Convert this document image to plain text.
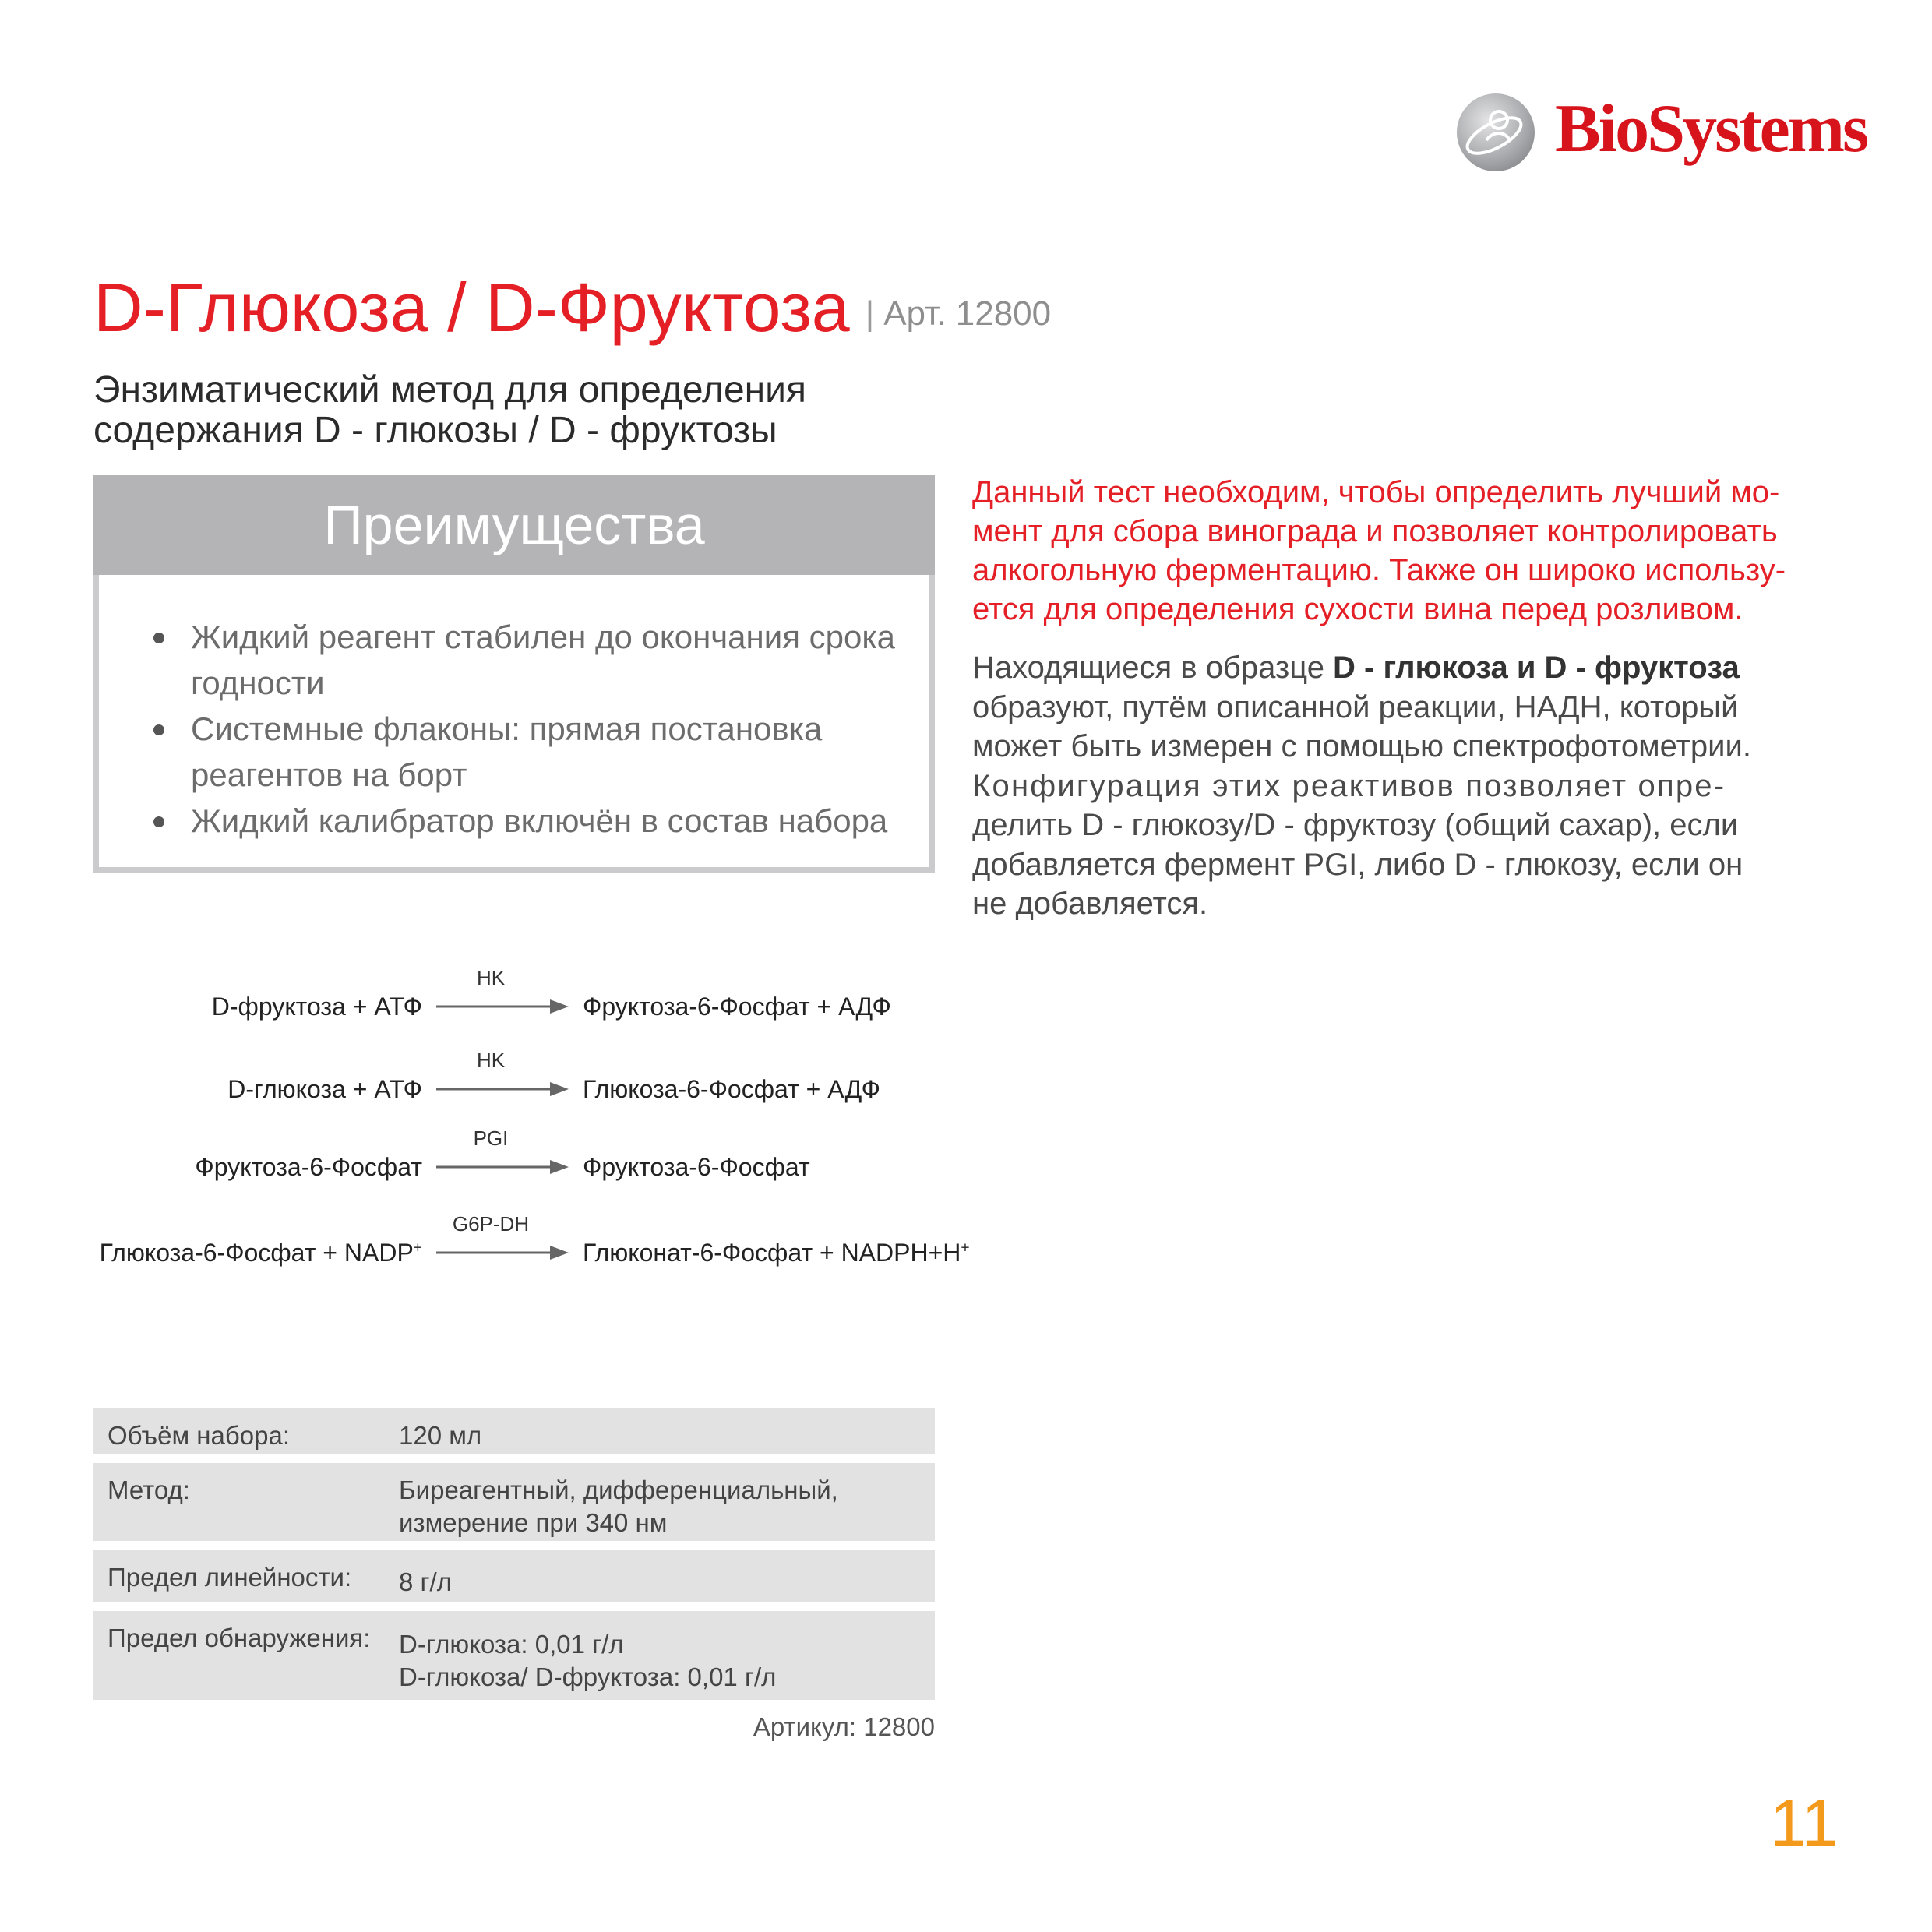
BioSystems
D-Глюкоза / D-Фруктоза | Арт. 12800
Энзиматический метод для определения
содержания D - глюкозы / D - фруктозы
Преимущества
Жидкий реагент стабилен до окончания срока
годности
Системные флаконы: прямая постановка
реагентов на борт
Жидкий калибратор включён в состав набора
Данный тест необходим, чтобы определить лучший мо-
мент для сбора винограда и позволяет контролировать
алкогольную ферментацию. Также он широко использу-
ется для определения сухости вина перед розливом.
Находящиеся в образце D - глюкоза и D - фруктоза
образуют, путём описанной реакции, НАДН, который
может быть измерен с помощью спектрофотометрии.
Конфигурация этих реактивов позволяет опре-
делить D - глюкозу/D - фруктозу (общий сахар), если
добавляется фермент PGI, либо D - глюкозу, если он
не добавляется.
D-фруктоза + АТФ
HK
Фруктоза-6-Фосфат + АДФ
D-глюкоза + АТФ
HK
Глюкоза-6-Фосфат + АДФ
Фруктоза-6-Фосфат
PGI
Фруктоза-6-Фосфат
Глюкоза-6-Фосфат + NADP+
G6P-DH
Глюконат-6-Фосфат + NADPH+H+
Объём набора:	120 мл
Метод:	Биреагентный, дифференциальный,
измерение при 340 нм
Предел линейности: 8 г/л
Предел обнаружения: D-глюкоза: 0,01 г/л
D-глюкоза/ D-фруктоза: 0,01 г/л
Артикул: 12800
11
